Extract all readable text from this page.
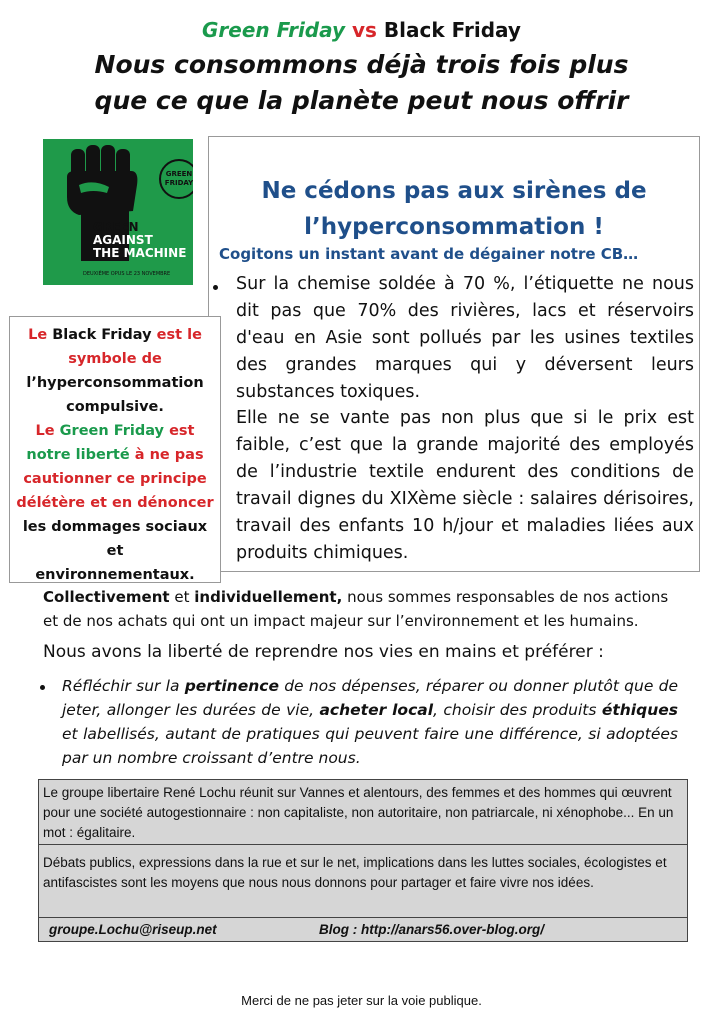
Green Friday vs Black Friday
Nous consommons déjà trois fois plus
que ce que la planète peut nous offrir
GREEN FRIDAY
GREEN AGAINST
THE MACHINE
DEUXIÈME OPUS LE 23 NOVEMBRE
Ne cédons pas aux sirènes de
l’hyperconsommation !
Cogitons un instant avant de dégainer notre CB…
Sur la chemise soldée à 70 %, l’étiquette ne nous dit pas que 70% des rivières, lacs et réservoirs d'eau en Asie sont pollués par les usines textiles des grandes marques qui y déversent leurs substances toxiques.
Elle ne se vante pas non plus que si le prix est faible, c’est que la grande majorité des employés de l’industrie textile endurent des conditions de travail dignes du XIXème siècle : salaires dérisoires, travail des enfants 10 h/jour et maladies liées aux produits chimiques.
Le Black Friday est le
symbole de
l’hyperconsommation
compulsive.
Le Green Friday est
notre liberté à ne pas
cautionner ce principe
délétère et en dénoncer
les dommages sociaux et
environnementaux.
Collectivement et individuellement, nous sommes responsables de nos actions et de nos achats qui ont un impact majeur sur l’environnement et les humains.
Nous avons la liberté de reprendre nos vies en mains et préférer :
Réfléchir sur la pertinence de nos dépenses, réparer ou donner plutôt que de jeter, allonger les durées de vie, acheter local, choisir des produits éthiques et labellisés, autant de pratiques qui peuvent faire une différence, si adoptées par un nombre croissant d’entre nous.
Le groupe libertaire René Lochu réunit sur Vannes et alentours, des femmes et des hommes qui œuvrent pour une société autogestionnaire : non capitaliste, non autoritaire, non patriarcale, ni xénophobe... En un mot : égalitaire.
Débats publics, expressions dans la rue et sur le net, implications dans les luttes sociales, écologistes et antifascistes sont les moyens que nous nous donnons pour partager et faire vivre nos idées.
groupe.Lochu@riseup.net	Blog : http://anars56.over-blog.org/
Merci de ne pas jeter sur la voie publique.
